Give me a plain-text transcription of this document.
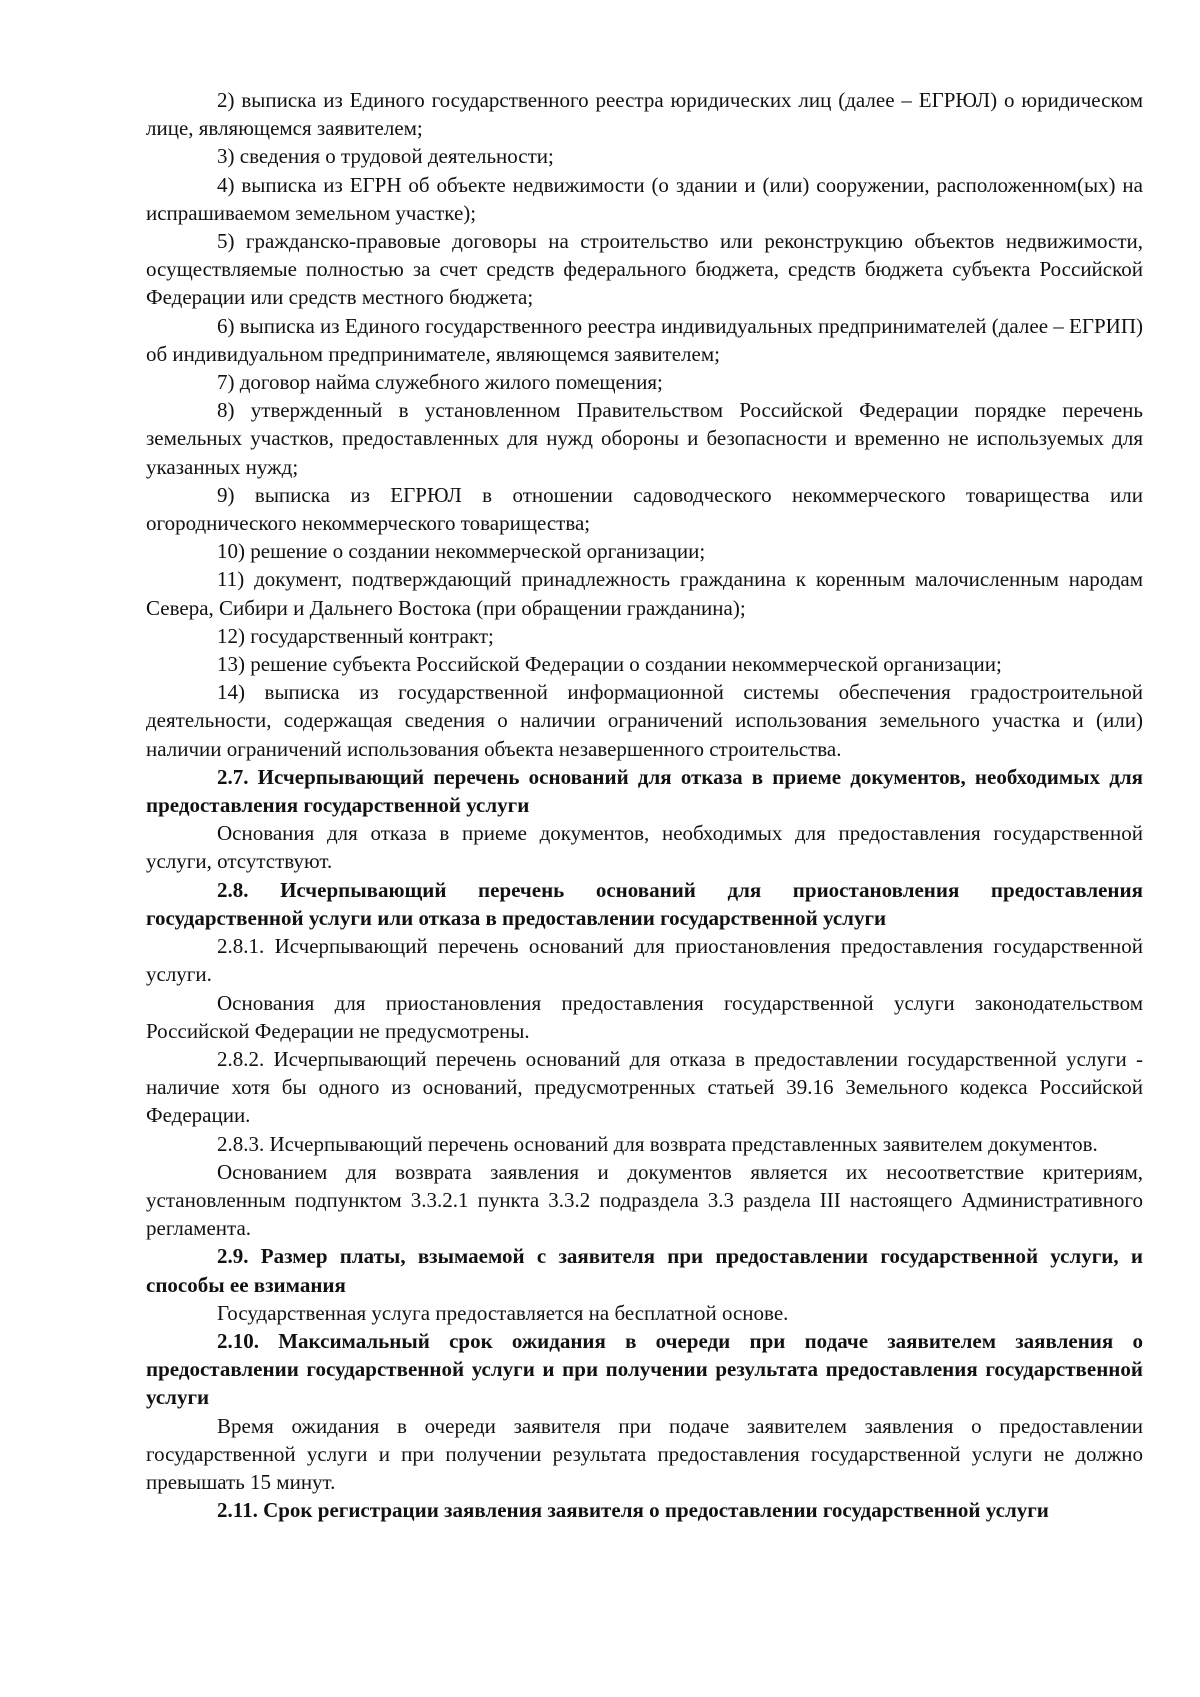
2) выписка из Единого государственного реестра юридических лиц (далее – ЕГРЮЛ) о юридическом лице, являющемся заявителем;

3) сведения о трудовой деятельности;

4) выписка из ЕГРН об объекте недвижимости (о здании и (или) сооружении, расположенном(ых) на испрашиваемом земельном участке);

5) гражданско-правовые договоры на строительство или реконструкцию объектов недвижимости, осуществляемые полностью за счет средств федерального бюджета, средств бюджета субъекта Российской Федерации или средств местного бюджета;

6) выписка из Единого государственного реестра индивидуальных предпринимателей (далее – ЕГРИП) об индивидуальном предпринимателе, являющемся заявителем;

7) договор найма служебного жилого помещения;

8) утвержденный в установленном Правительством Российской Федерации порядке перечень земельных участков, предоставленных для нужд обороны и безопасности и временно не используемых для указанных нужд;

9) выписка из ЕГРЮЛ в отношении садоводческого некоммерческого товарищества или огороднического некоммерческого товарищества;

10) решение о создании некоммерческой организации;

11) документ, подтверждающий принадлежность гражданина к коренным малочисленным народам Севера, Сибири и Дальнего Востока (при обращении гражданина);

12) государственный контракт;

13) решение субъекта Российской Федерации о создании некоммерческой организации;

14) выписка из государственной информационной системы обеспечения градостроительной деятельности, содержащая сведения о наличии ограничений использования земельного участка и (или) наличии ограничений использования объекта незавершенного строительства.

2.7. Исчерпывающий перечень оснований для отказа в приеме документов, необходимых для предоставления государственной услуги

Основания для отказа в приеме документов, необходимых для предоставления государственной услуги, отсутствуют.

2.8. Исчерпывающий перечень оснований для приостановления предоставления государственной услуги или отказа в предоставлении государственной услуги

2.8.1. Исчерпывающий перечень оснований для приостановления предоставления государственной услуги.

Основания для приостановления предоставления государственной услуги законодательством Российской Федерации не предусмотрены.

2.8.2. Исчерпывающий перечень оснований для отказа в предоставлении государственной услуги - наличие хотя бы одного из оснований, предусмотренных статьей 39.16 Земельного кодекса Российской Федерации.

2.8.3. Исчерпывающий перечень оснований для возврата представленных заявителем документов.

Основанием для возврата заявления и документов является их несоответствие критериям, установленным подпунктом 3.3.2.1 пункта 3.3.2 подраздела 3.3 раздела III настоящего Административного регламента.

2.9. Размер платы, взымаемой с заявителя при предоставлении государственной услуги, и способы ее взимания

Государственная услуга предоставляется на бесплатной основе.

2.10. Максимальный срок ожидания в очереди при подаче заявителем заявления о предоставлении государственной услуги и при получении результата предоставления государственной услуги

Время ожидания в очереди заявителя при подаче заявителем заявления о предоставлении государственной услуги и при получении результата предоставления государственной услуги не должно превышать 15 минут.

2.11. Срок регистрации заявления заявителя о предоставлении государственной услуги
